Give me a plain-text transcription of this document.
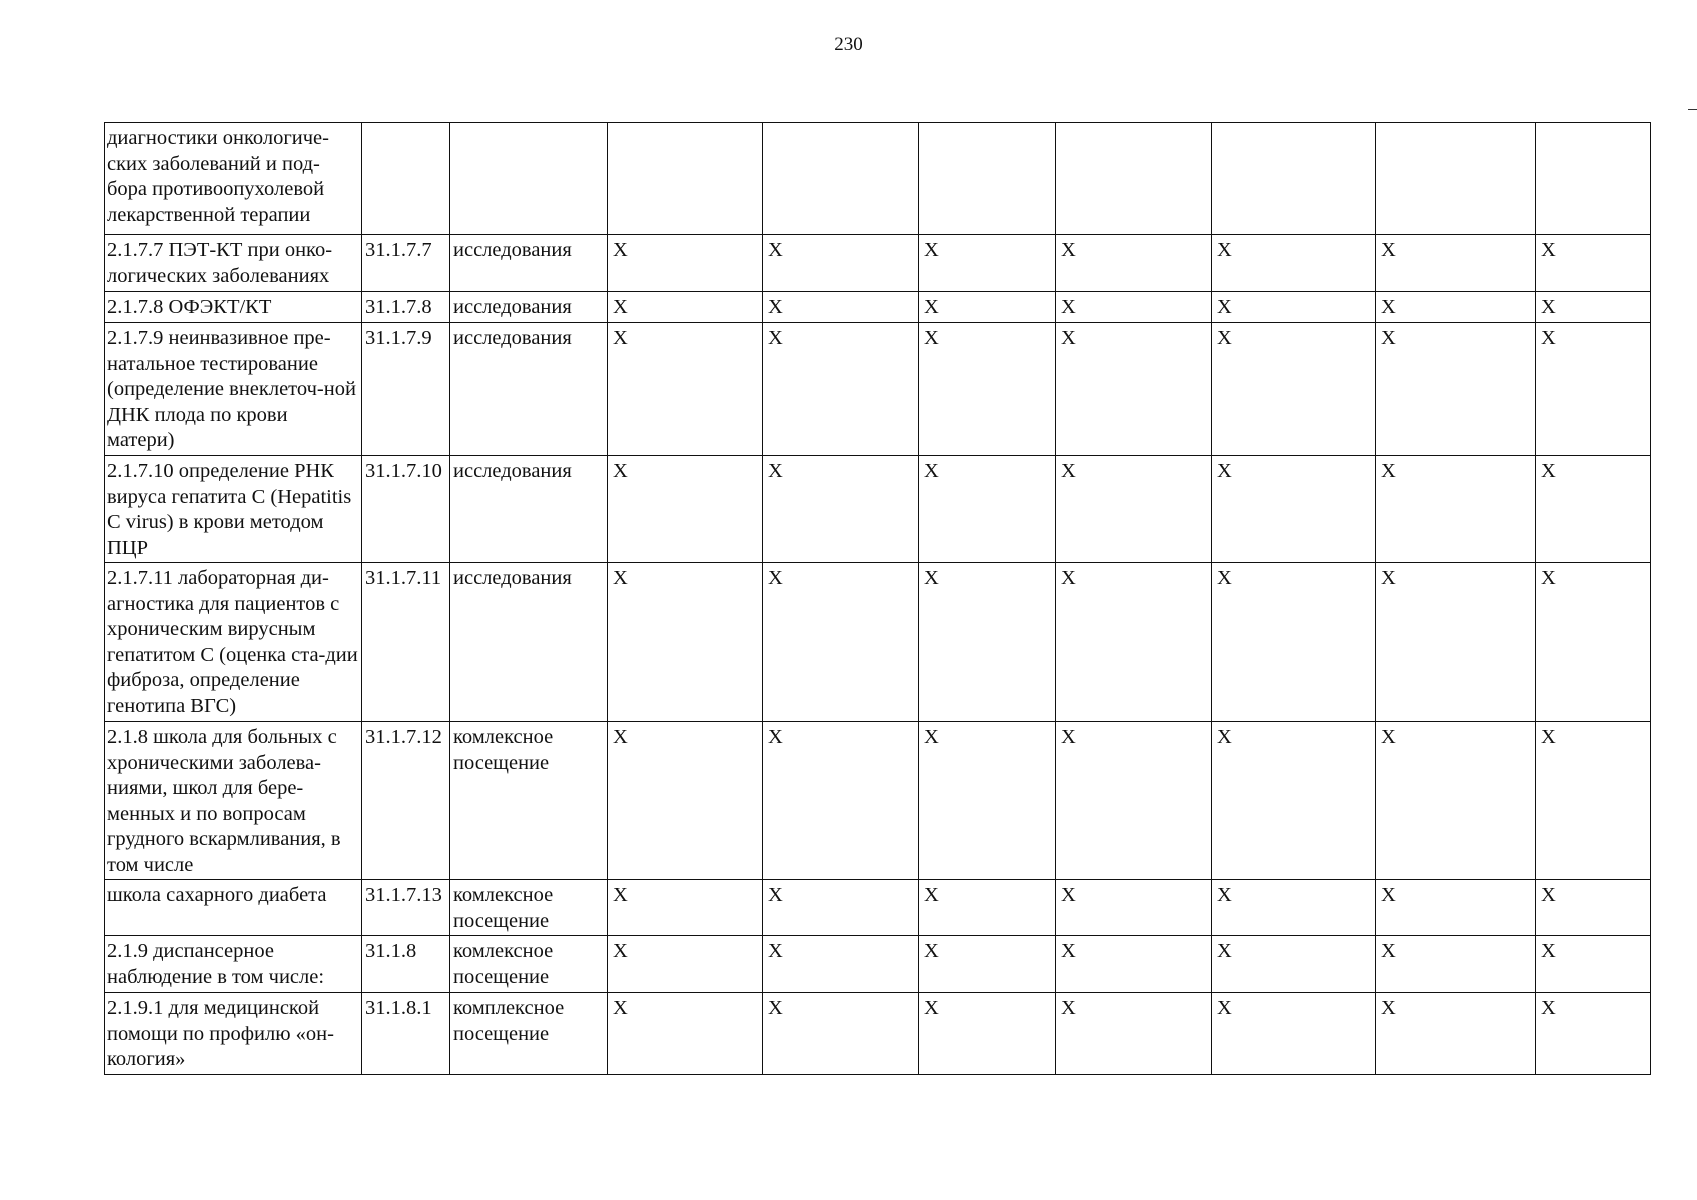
230
диагностики онкологиче-ских заболеваний и под-бора противоопухолевой лекарственной терапии									
2.1.7.7 ПЭТ-КТ при онко-логических заболеваниях	31.1.7.7	исследования	X	X	X	X	X	X	X
2.1.7.8 ОФЭКТ/КТ	31.1.7.8	исследования	X	X	X	X	X	X	X
2.1.7.9 неинвазивное пре-натальное тестирование (определение внеклеточ-ной ДНК плода по крови матери)	31.1.7.9	исследования	X	X	X	X	X	X	X
2.1.7.10 определение РНК вируса гепатита С (Hepatitis C virus) в крови методом ПЦР	31.1.7.10	исследования	X	X	X	X	X	X	X
2.1.7.11 лабораторная ди-агностика для пациентов с хроническим вирусным гепатитом С (оценка ста-дии фиброза, определение генотипа ВГС)	31.1.7.11	исследования	X	X	X	X	X	X	X
2.1.8 школа для больных с хроническими заболева-ниями, школ для бере-менных и по вопросам грудного вскармливания, в том числе	31.1.7.12	комлексное посещение	X	X	X	X	X	X	X
школа сахарного диабета	31.1.7.13	комлексное посещение	X	X	X	X	X	X	X
2.1.9 диспансерное наблюдение в том числе:	31.1.8	комлексное посещение	X	X	X	X	X	X	X
2.1.9.1 для медицинской помощи по профилю «он-кология»	31.1.8.1	комплексное посещение	X	X	X	X	X	X	X
